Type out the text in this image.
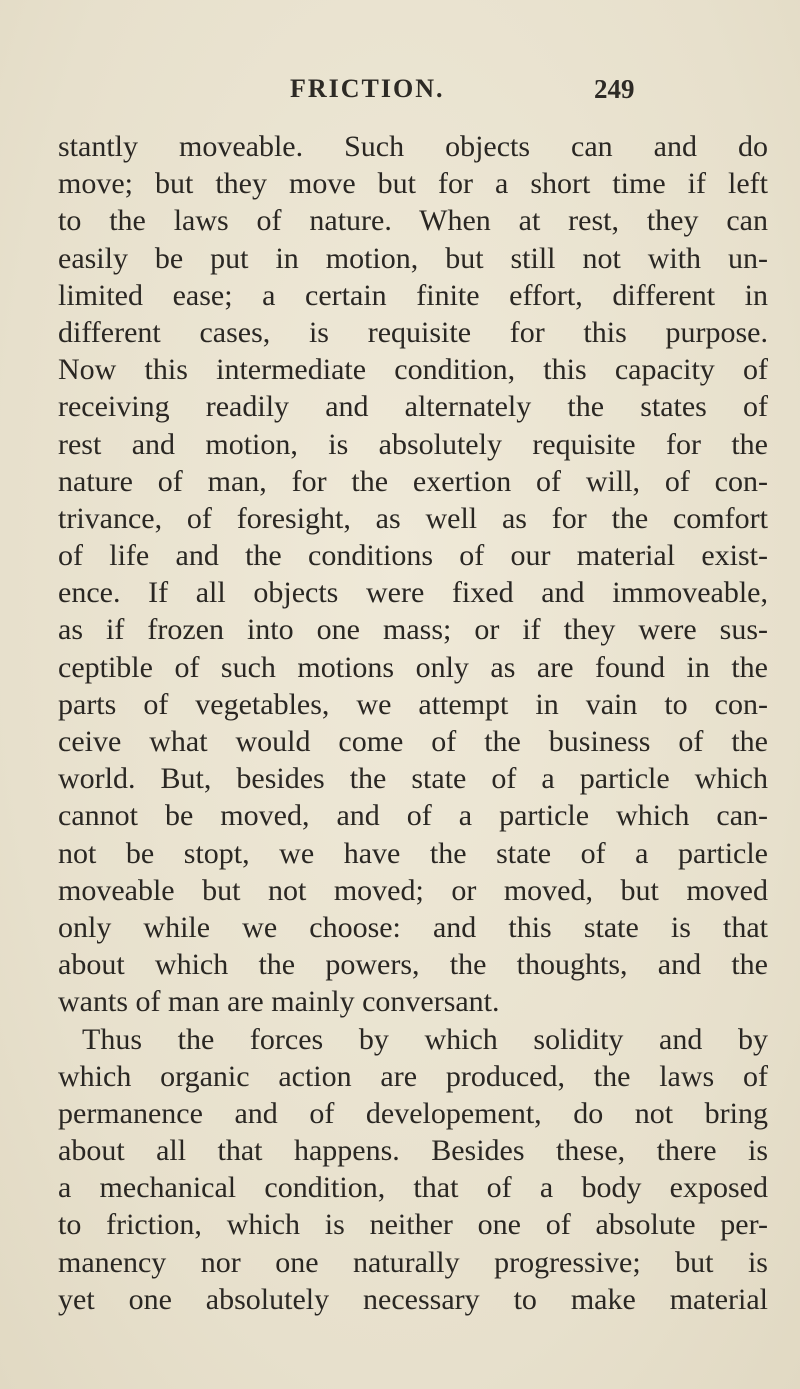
FRICTION.	249
stantly moveable. Such objects can and do
move; but they move but for a short time if left
to the laws of nature. When at rest, they can
easily be put in motion, but still not with un-
limited ease; a certain finite effort, different in
different cases, is requisite for this purpose.
Now this intermediate condition, this capacity of
receiving readily and alternately the states of
rest and motion, is absolutely requisite for the
nature of man, for the exertion of will, of con-
trivance, of foresight, as well as for the comfort
of life and the conditions of our material exist-
ence. If all objects were fixed and immoveable,
as if frozen into one mass; or if they were sus-
ceptible of such motions only as are found in the
parts of vegetables, we attempt in vain to con-
ceive what would come of the business of the
world. But, besides the state of a particle which
cannot be moved, and of a particle which can-
not be stopt, we have the state of a particle
moveable but not moved; or moved, but moved
only while we choose: and this state is that
about which the powers, the thoughts, and the
wants of man are mainly conversant.
Thus the forces by which solidity and by
which organic action are produced, the laws of
permanence and of developement, do not bring
about all that happens. Besides these, there is
a mechanical condition, that of a body exposed
to friction, which is neither one of absolute per-
manency nor one naturally progressive; but is
yet one absolutely necessary to make material
